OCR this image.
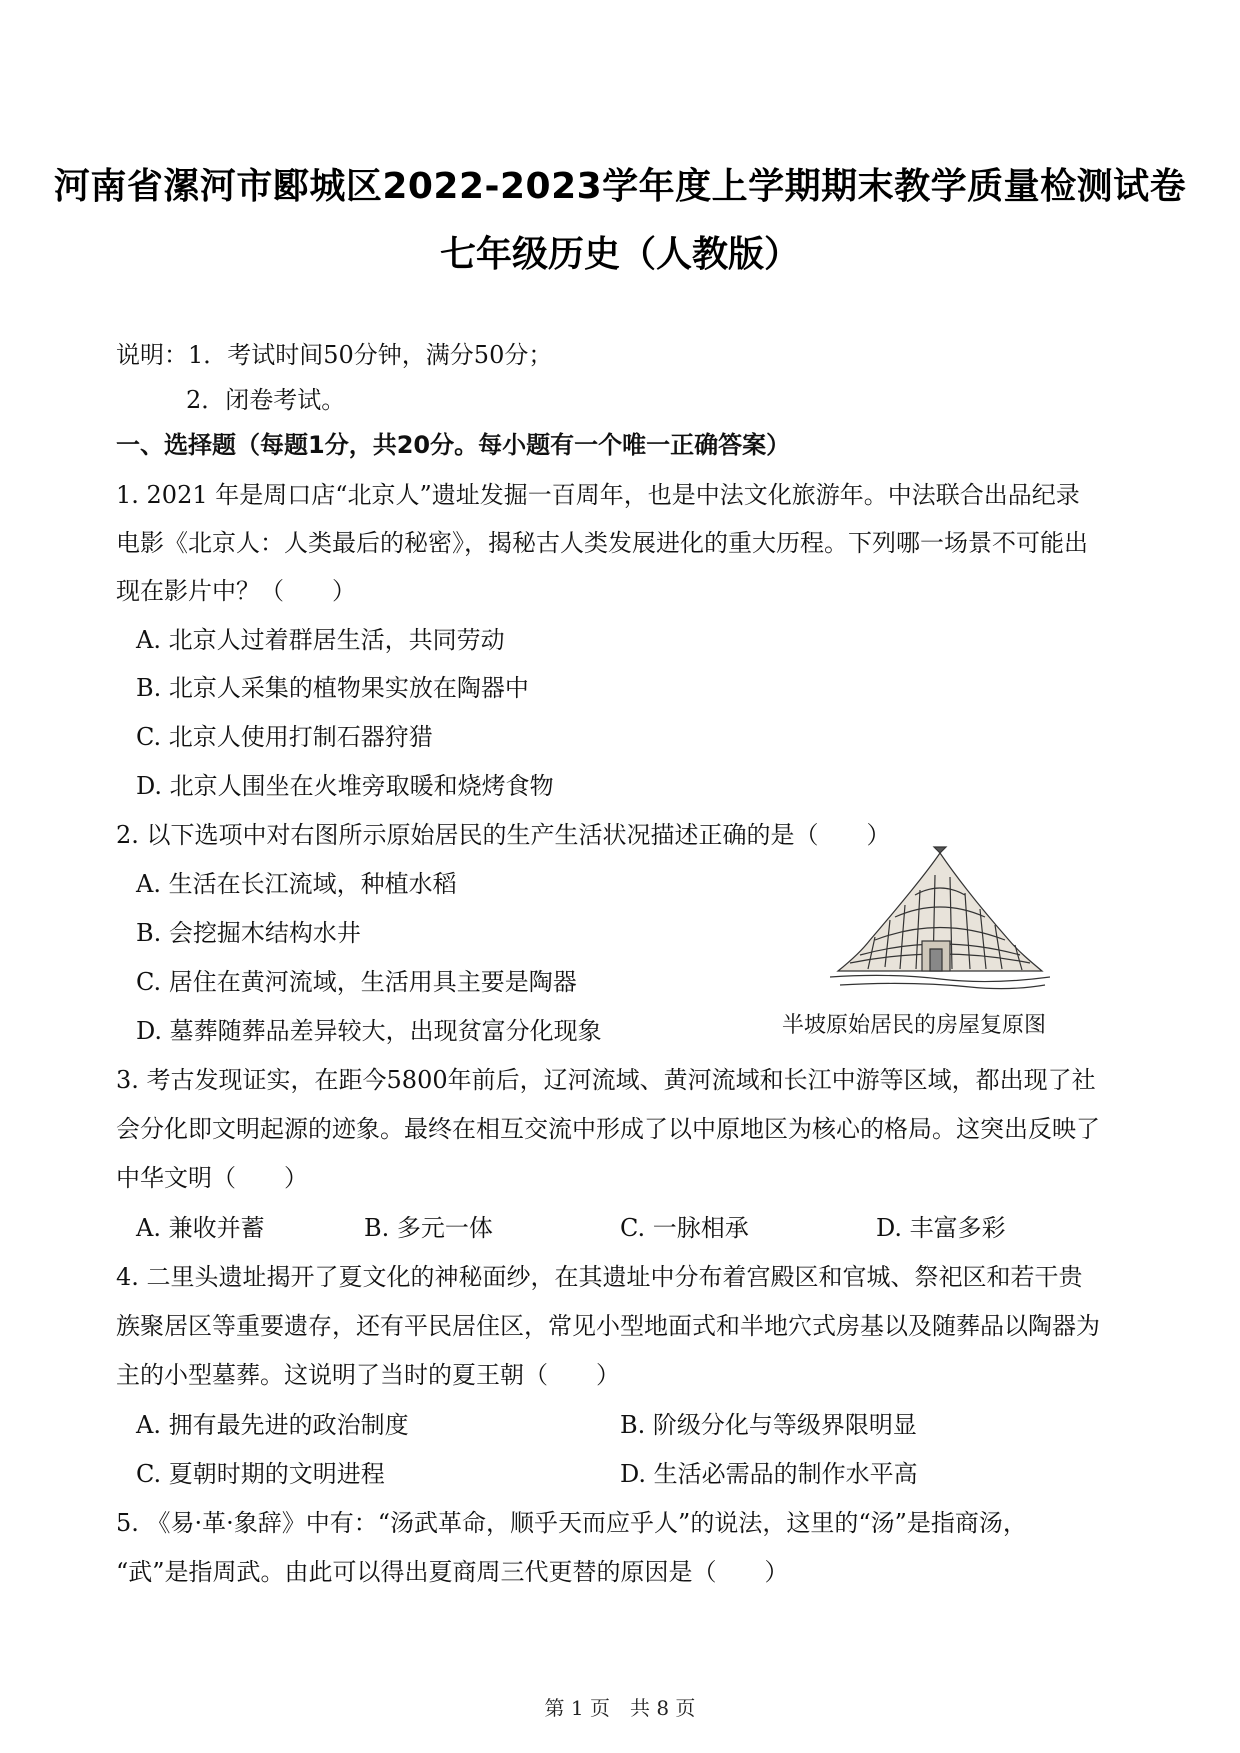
河南省漯河市郾城区2022-2023学年度上学期期末教学质量检测试卷
七年级历史（人教版）
说明：1．考试时间50分钟，满分50分；
2．闭卷考试。
一、选择题（每题1分，共20分。每小题有一个唯一正确答案）
1. 2021 年是周口店“北京人”遗址发掘一百周年，也是中法文化旅游年。中法联合出品纪录
电影《北京人：人类最后的秘密》，揭秘古人类发展进化的重大历程。下列哪一场景不可能出
现在影片中？（　　）
A. 北京人过着群居生活，共同劳动
B. 北京人采集的植物果实放在陶器中
C. 北京人使用打制石器狩猎
D. 北京人围坐在火堆旁取暖和烧烤食物
2. 以下选项中对右图所示原始居民的生产生活状况描述正确的是（　　）
A. 生活在长江流域，种植水稻
B. 会挖掘木结构水井
C. 居住在黄河流域，生活用具主要是陶器
D. 墓葬随葬品差异较大，出现贫富分化现象	半坡原始居民的房屋复原图
3. 考古发现证实，在距今5800年前后，辽河流域、黄河流域和长江中游等区域，都出现了社
会分化即文明起源的迹象。最终在相互交流中形成了以中原地区为核心的格局。这突出反映了
中华文明（　　）
A. 兼收并蓄	B. 多元一体	C. 一脉相承	D. 丰富多彩
4. 二里头遗址揭开了夏文化的神秘面纱，在其遗址中分布着宫殿区和官城、祭祀区和若干贵
族聚居区等重要遗存，还有平民居住区，常见小型地面式和半地穴式房基以及随葬品以陶器为
主的小型墓葬。这说明了当时的夏王朝（　　）
A. 拥有最先进的政治制度	B. 阶级分化与等级界限明显
C. 夏朝时期的文明进程	D. 生活必需品的制作水平高
5. 《易·革·象辞》中有：“汤武革命，顺乎天而应乎人”的说法，这里的“汤”是指商汤，
“武”是指周武。由此可以得出夏商周三代更替的原因是（　　）
第 1 页　共 8 页
